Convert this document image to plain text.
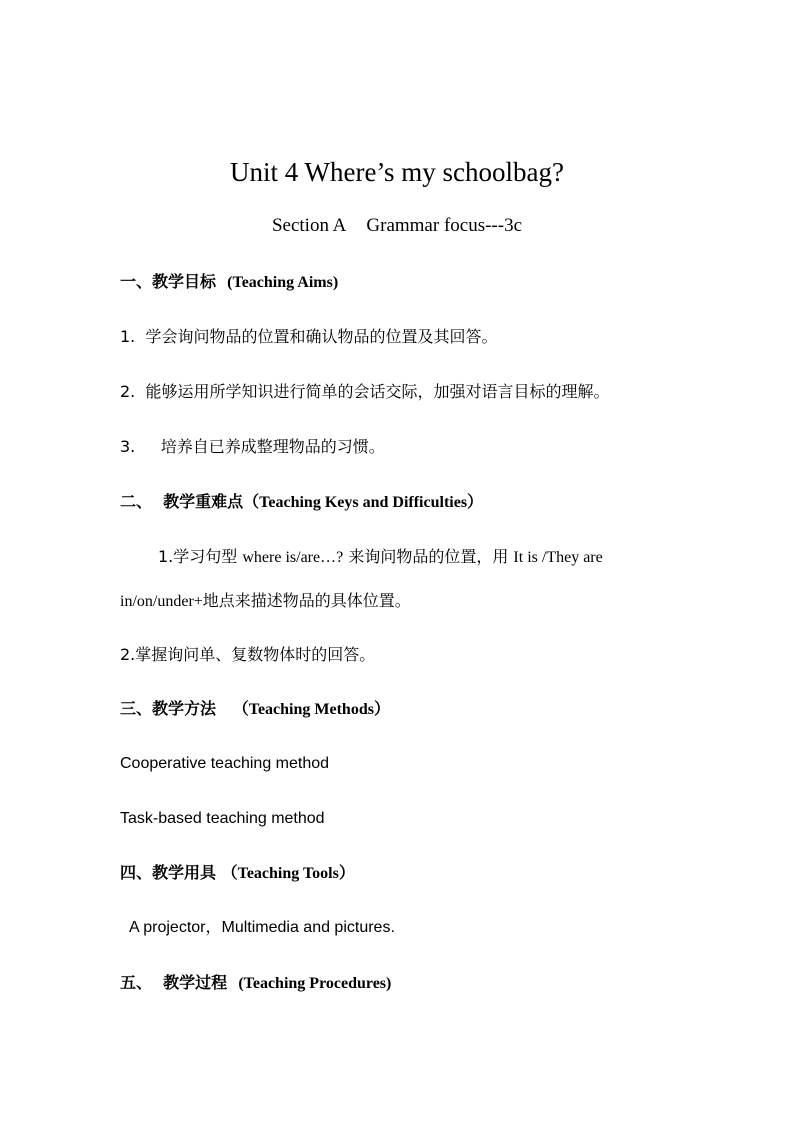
Unit 4 Where’s my schoolbag?
Section A Grammar focus---3c
一、教学目标 (Teaching Aims)
1. 学会询问物品的位置和确认物品的位置及其回答。
2. 能够运用所学知识进行简单的会话交际，加强对语言目标的理解。
3. 培养自已养成整理物品的习惯。
二、 教学重难点（Teaching Keys and Difficulties）
1.学习句型 where is/are…? 来询问物品的位置，用 It is /They are
in/on/under+地点来描述物品的具体位置。
2.掌握询问单、复数物体时的回答。
三、教学方法 （Teaching Methods）
Cooperative teaching method
Task-based teaching method
四、教学用具 （Teaching Tools）
A projector，Multimedia and pictures.
五、 教学过程 (Teaching Procedures)
